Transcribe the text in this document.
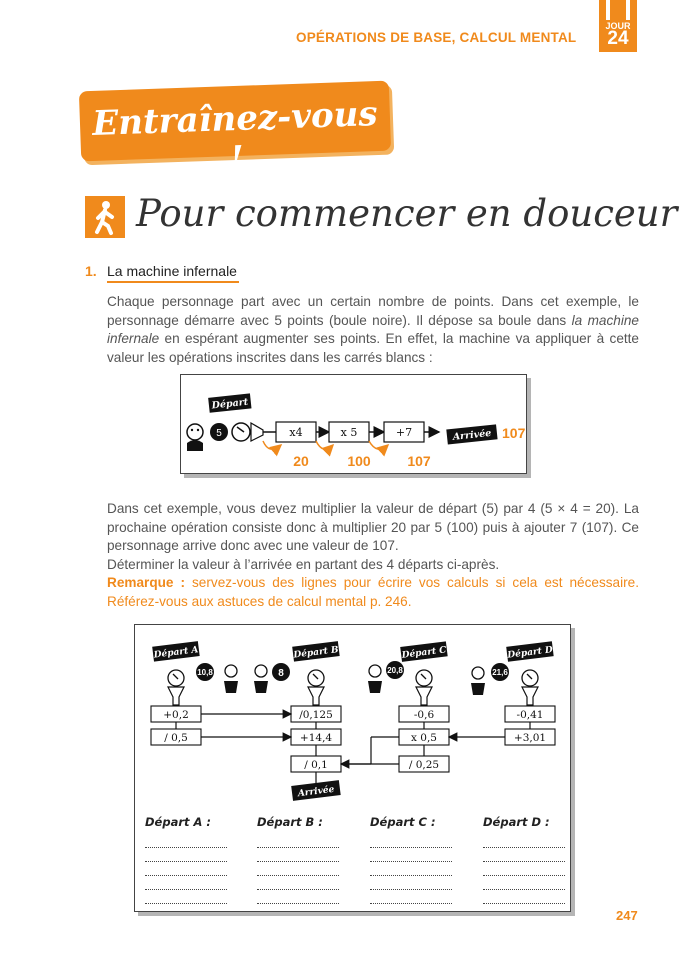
OPÉRATIONS DE BASE, CALCUL MENTAL
JOUR
24
Entraînez-vous !
Pour commencer en douceur
1. La machine infernale
Chaque personnage part avec un certain nombre de points. Dans cet exemple, le personnage démarre avec 5 points (boule noire). Il dépose sa boule dans la machine infernale en espérant augmenter ses points. En effet, la machine va appliquer à cette valeur les opérations inscrites dans les carrés blancs :
Départ
5	x4	x 5	+7	Arrivée 107
20	100	107
Dans cet exemple, vous devez multiplier la valeur de départ (5) par 4 (5 × 4 = 20). La prochaine opération consiste donc à multiplier 20 par 5 (100) puis à ajouter 7 (107). Ce personnage arrive donc avec une valeur de 107.
Déterminer la valeur à l’arrivée en partant des 4 départs ci-après.
Remarque : servez-vous des lignes pour écrire vos calculs si cela est nécessaire. Référez-vous aux astuces de calcul mental p. 246.
Départ A	Départ B	Départ C	Départ D
10,8	8	20,8	21,6
+0,2
/ 0,5
/0,125
+14,4
/ 0,1
-0,6
x 0,5
/ 0,25
-0,41
+3,01
Arrivée
Départ A :	Départ B :	Départ C :	Départ D :
247
